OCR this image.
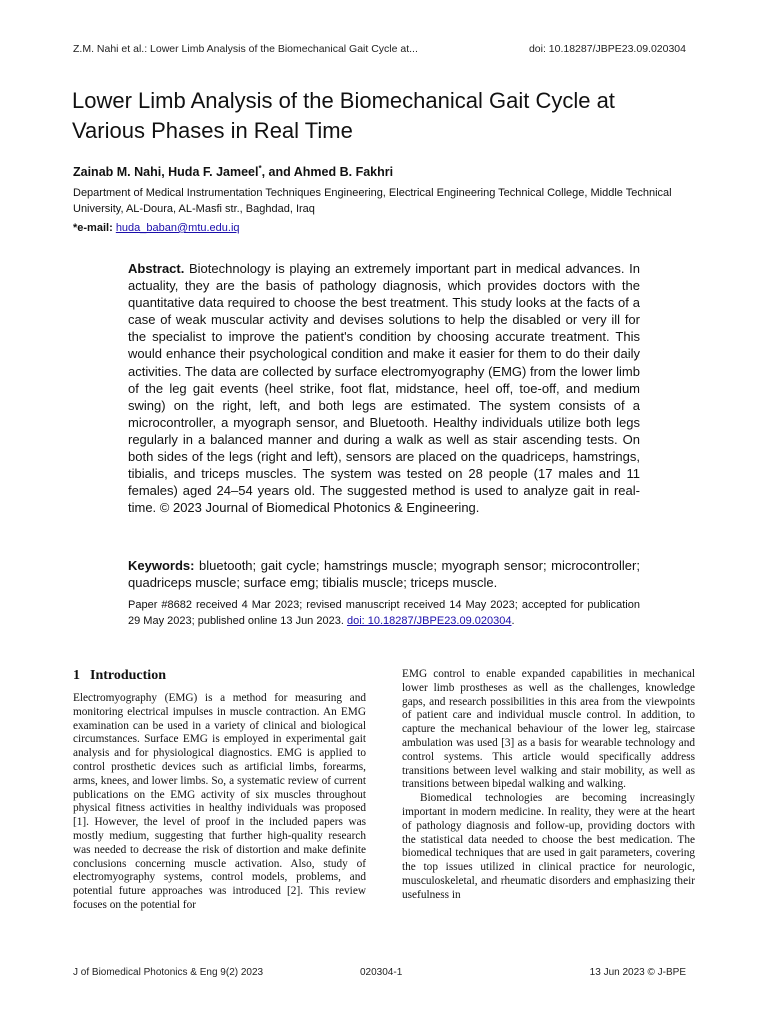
Z.M. Nahi et al.: Lower Limb Analysis of the Biomechanical Gait Cycle at...	doi: 10.18287/JBPE23.09.020304
Lower Limb Analysis of the Biomechanical Gait Cycle at Various Phases in Real Time
Zainab M. Nahi, Huda F. Jameel*, and Ahmed B. Fakhri
Department of Medical Instrumentation Techniques Engineering, Electrical Engineering Technical College, Middle Technical University, AL-Doura, AL-Masfi str., Baghdad, Iraq
*e-mail: huda_baban@mtu.edu.iq

Abstract. Biotechnology is playing an extremely important part in medical advances. In actuality, they are the basis of pathology diagnosis, which provides doctors with the quantitative data required to choose the best treatment. This study looks at the facts of a case of weak muscular activity and devises solutions to help the disabled or very ill for the specialist to improve the patient's condition by choosing accurate treatment. This would enhance their psychological condition and make it easier for them to do their daily activities. The data are collected by surface electromyography (EMG) from the lower limb of the leg gait events (heel strike, foot flat, midstance, heel off, toe-off, and medium swing) on the right, left, and both legs are estimated. The system consists of a microcontroller, a myograph sensor, and Bluetooth. Healthy individuals utilize both legs regularly in a balanced manner and during a walk as well as stair ascending tests. On both sides of the legs (right and left), sensors are placed on the quadriceps, hamstrings, tibialis, and triceps muscles. The system was tested on 28 people (17 males and 11 females) aged 24–54 years old. The suggested method is used to analyze gait in real-time. © 2023 Journal of Biomedical Photonics & Engineering.

Keywords: bluetooth; gait cycle; hamstrings muscle; myograph sensor; microcontroller; quadriceps muscle; surface emg; tibialis muscle; triceps muscle.

Paper #8682 received 4 Mar 2023; revised manuscript received 14 May 2023; accepted for publication 29 May 2023; published online 13 Jun 2023. doi: 10.18287/JBPE23.09.020304.

1 Introduction

Electromyography (EMG) is a method for measuring and monitoring electrical impulses in muscle contraction. An EMG examination can be used in a variety of clinical and biological circumstances. Surface EMG is employed in experimental gait analysis and for physiological diagnostics. EMG is applied to control prosthetic devices such as artificial limbs, forearms, arms, knees, and lower limbs. So, a systematic review of current publications on the EMG activity of six muscles throughout physical fitness activities in healthy individuals was proposed [1]. However, the level of proof in the included papers was mostly medium, suggesting that further high-quality research was needed to decrease the risk of distortion and make definite conclusions concerning muscle activation. Also, study of electromyography systems, control models, problems, and potential future approaches was introduced [2]. This review focuses on the potential for

EMG control to enable expanded capabilities in mechanical lower limb prostheses as well as the challenges, knowledge gaps, and research possibilities in this area from the viewpoints of patient care and individual muscle control. In addition, to capture the mechanical behaviour of the lower leg, staircase ambulation was used [3] as a basis for wearable technology and control systems. This article would specifically address transitions between level walking and stair mobility, as well as transitions between bipedal walking and walking.

Biomedical technologies are becoming increasingly important in modern medicine. In reality, they were at the heart of pathology diagnosis and follow-up, providing doctors with the statistical data needed to choose the best medication. The biomedical techniques that are used in gait parameters, covering the top issues utilized in clinical practice for neurologic, musculoskeletal, and rheumatic disorders and emphasizing their usefulness in

J of Biomedical Photonics & Eng 9(2) 2023	020304-1	13 Jun 2023 © J-BPE
